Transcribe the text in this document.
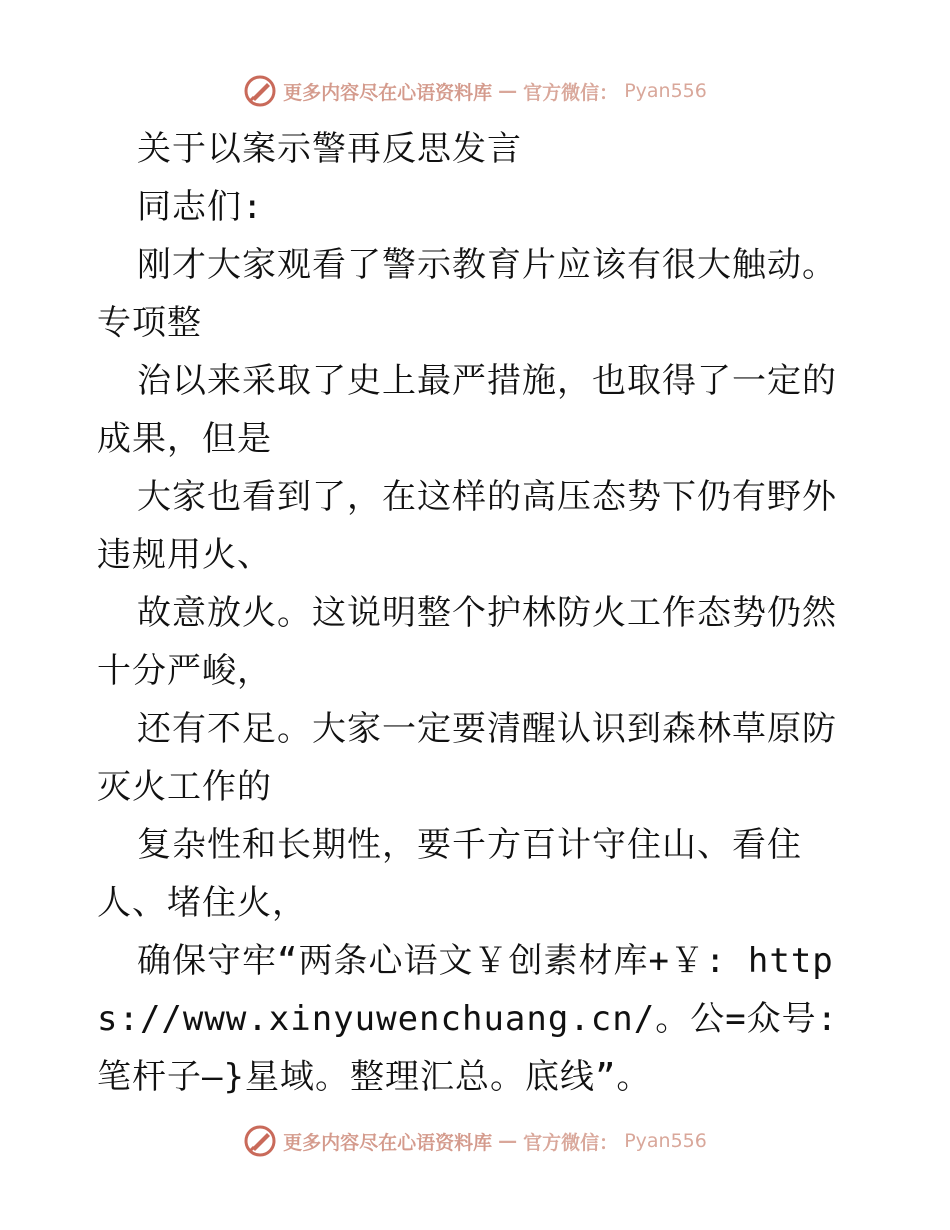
更多内容尽在心语资料库 — 官方微信： Pyan556

关于以案示警再反思发言

同志们:

刚才大家观看了警示教育片应该有很大触动。专项整

治以来采取了史上最严措施，也取得了一定的成果，但是

大家也看到了，在这样的高压态势下仍有野外违规用火、

故意放火。这说明整个护林防火工作态势仍然十分严峻，

还有不足。大家一定要清醒认识到森林草原防灭火工作的

复杂性和长期性，要千方百计守住山、看住人、堵住火，

确保守牢“两条心语文￥创素材库+￥: https://www.xinyuwenchuang.cn/。公=众号: 笔杆子—}星域。整理汇总。底线”。

更多内容尽在心语资料库 — 官方微信： Pyan556
